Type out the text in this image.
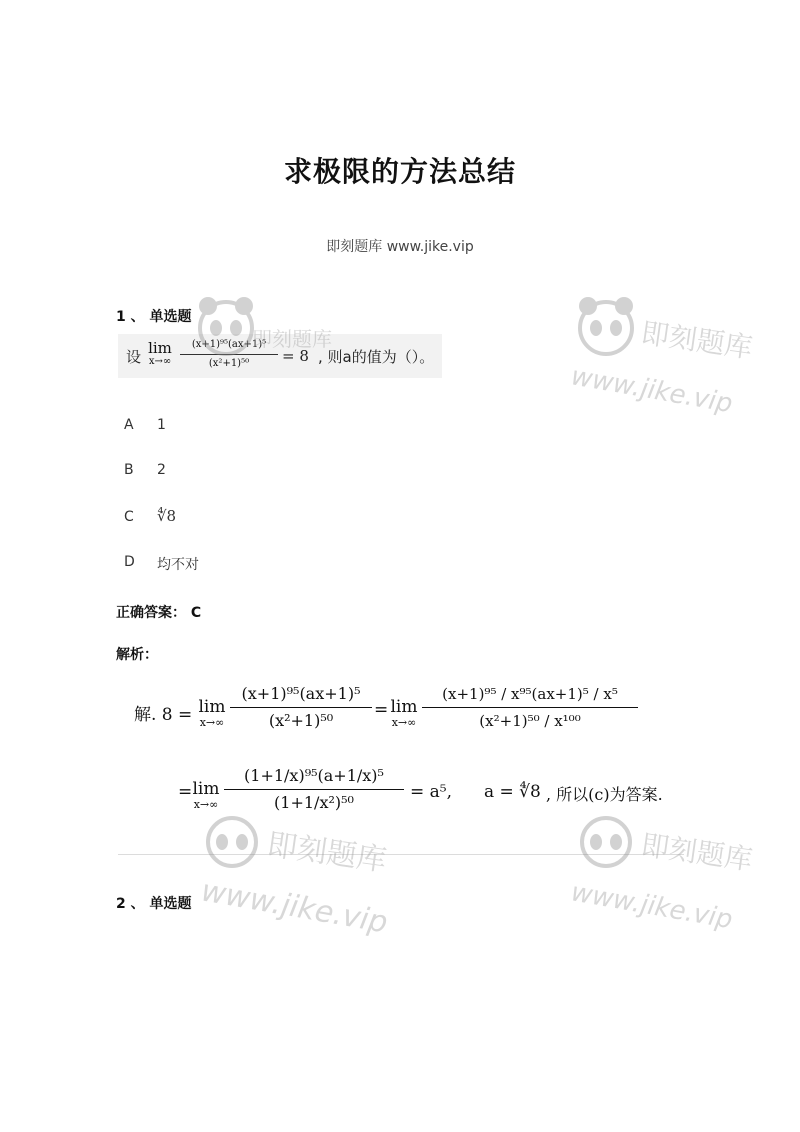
求极限的方法总结
即刻题库 www.jike.vip
1 、 单选题
设 lim
x→∞
(x+1)⁹⁵(ax+1)⁵
(x²+1)⁵⁰	= 8 , 则a的值为（）。
A 1
B 2
C ∜8
D 均不对
正确答案： C
解析：
解. 8 = lim
x→∞
(x+1)⁹⁵(ax+1)⁵
(x²+1)⁵⁰
= lim
x→∞
(x+1)⁹⁵ / x⁹⁵(ax+1)⁵ / x⁵
(x²+1)⁵⁰ / x¹⁰⁰
= lim
x→∞
(1+1/x)⁹⁵(a+1/x)⁵
(1+1/x²)⁵⁰
= a⁵, a = ∜8 , 所以(c)为答案.
2 、 单选题
即刻题库	即刻题库
www.jike.vip
即刻题库
www.jike.vip
即刻题库
www.jike.vip
